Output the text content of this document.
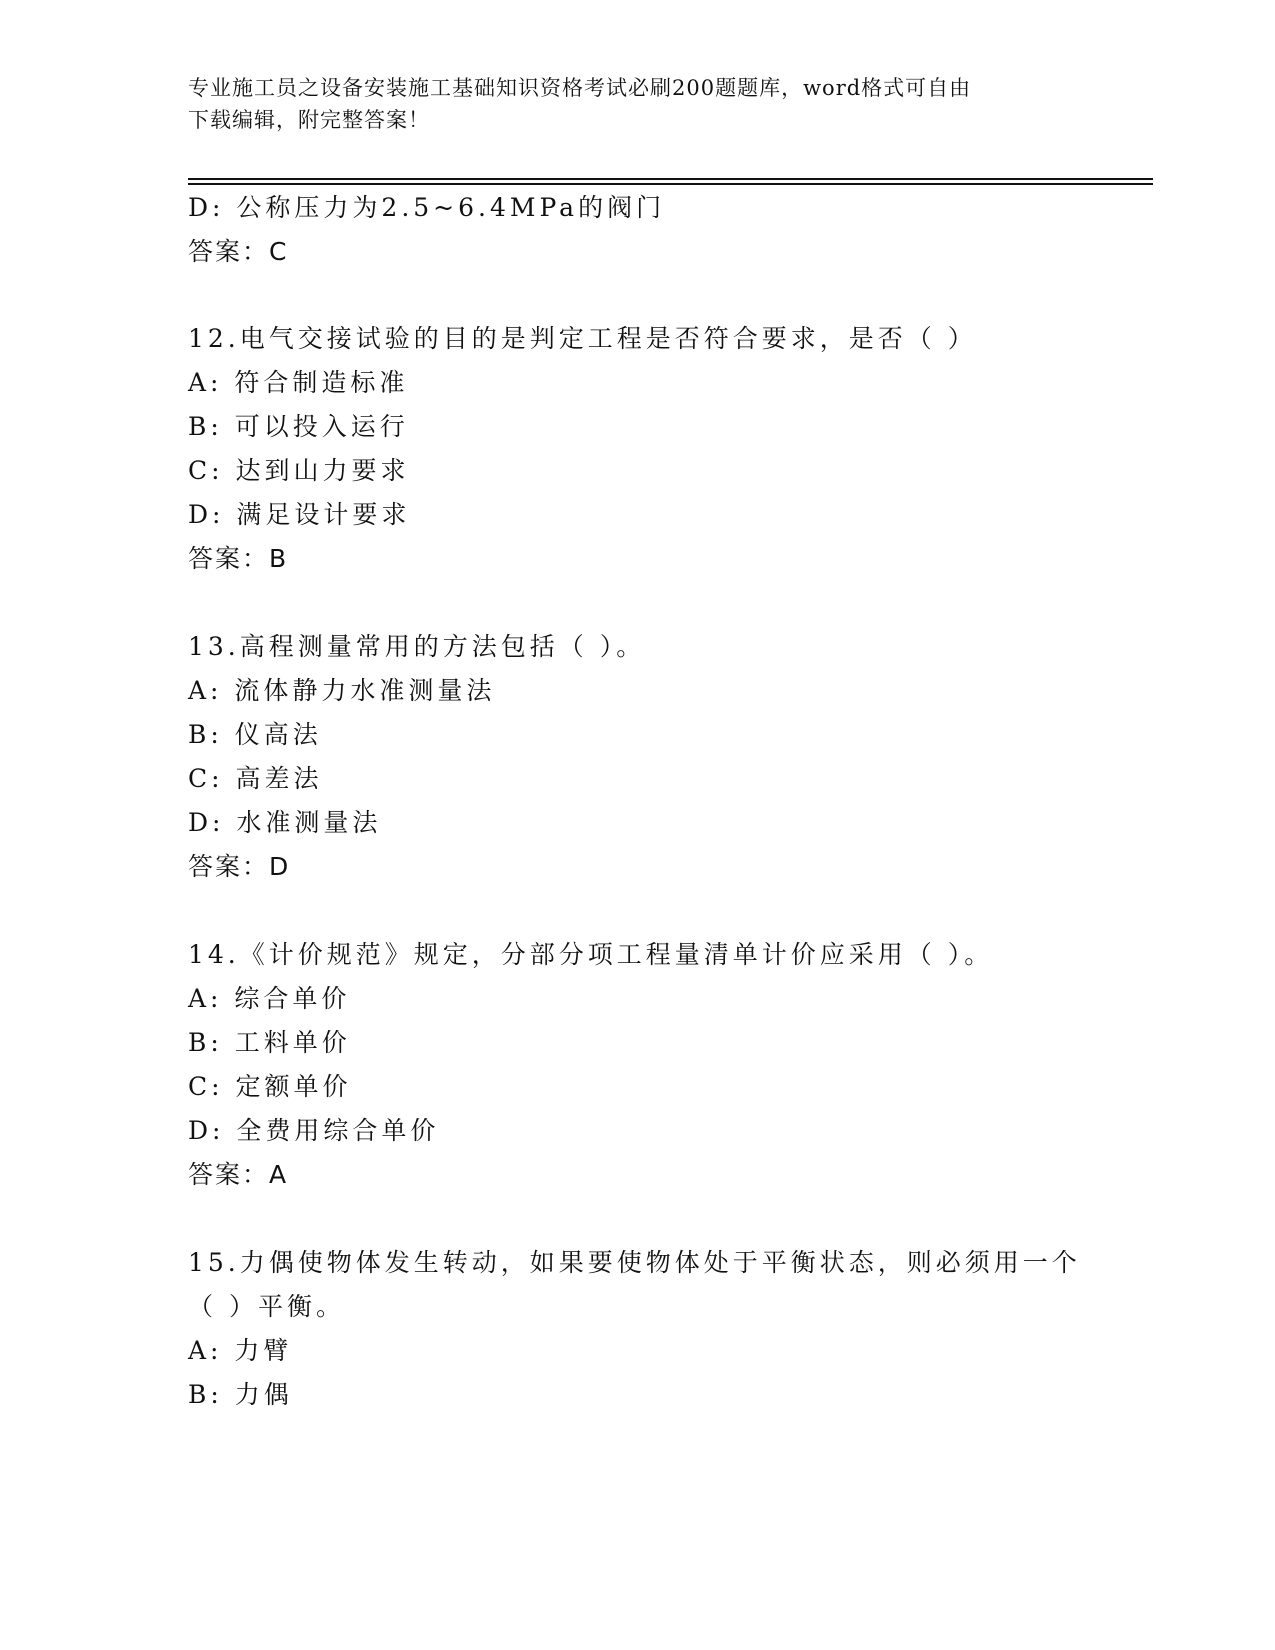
专业施工员之设备安装施工基础知识资格考试必刷200题题库，word格式可自由
下载编辑，附完整答案！
D: 公称压力为2.5~6.4MPa的阀门
答案：C
12.电气交接试验的目的是判定工程是否符合要求，是否（ ）
A: 符合制造标准
B: 可以投入运行
C: 达到山力要求
D: 满足设计要求
答案：B
13.高程测量常用的方法包括（ ）。
A: 流体静力水准测量法
B: 仪高法
C: 高差法
D: 水准测量法
答案：D
14.《计价规范》规定，分部分项工程量清单计价应采用（ ）。
A: 综合单价
B: 工料单价
C: 定额单价
D: 全费用综合单价
答案：A
15.力偶使物体发生转动，如果要使物体处于平衡状态，则必须用一个
（ ）平衡。
A: 力臂
B: 力偶
